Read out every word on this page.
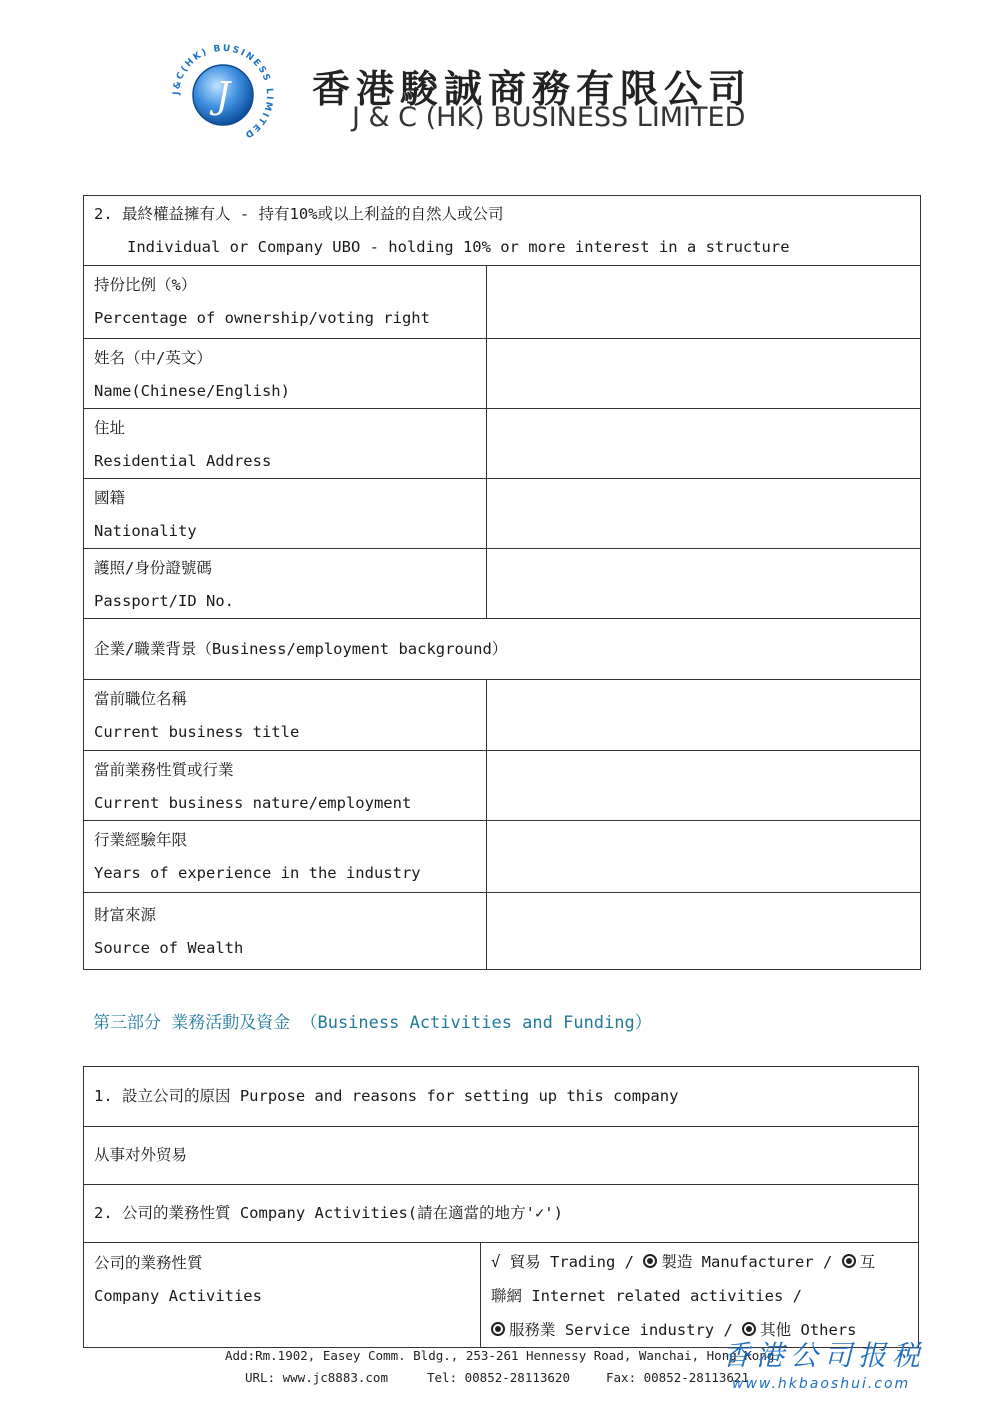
J
J&C(HK) BUSINESS LIMITED
香港駿誠商務有限公司
J & C (HK) BUSINESS LIMITED
2. 最終權益擁有人 - 持有10%或以上利益的自然人或公司
Individual or Company UBO - holding 10% or more interest in a structure	

持份比例（%）
Percentage of ownership/voting right	

姓名（中/英文）
Name(Chinese/English)	

住址
Residential Address	

國籍
Nationality	

護照/身份證號碼
Passport/ID No.	

企業/職業背景（Business/employment background）	

當前職位名稱
Current business title	

當前業務性質或行業
Current business nature/employment	

行業經驗年限
Years of experience in the industry	

財富來源
Source of Wealth	

第三部分 業務活動及資金 （Business Activities and Funding）
1. 設立公司的原因 Purpose and reasons for setting up this company
从事对外贸易
2. 公司的業務性質 Company Activities(請在適當的地方'✓')

公司的業務性質
Company Activities
	√ 貿易 Trading / 製造 Manufacturer / 互
聯網 Internet related activities /
服務業 Service industry / 其他 Others
Add:Rm.1902, Easey Comm. Bldg., 253-261 Hennessy Road, Wanchai, Hong Kong
URL: www.jc8883.com	Tel: 00852-28113620	Fax: 00852-28113621
香港公司报税
www.hkbaoshui.com
